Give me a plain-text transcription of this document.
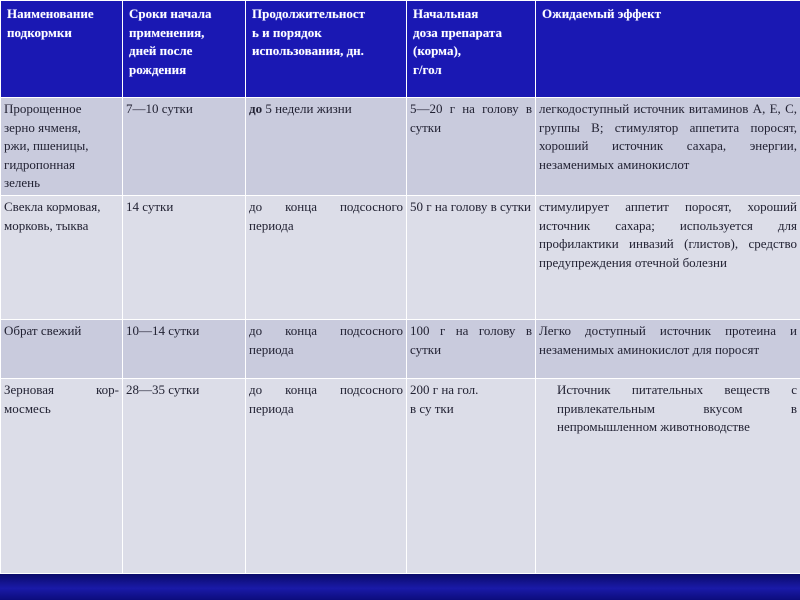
Наименование
подкормки	Сроки начала
применения,
дней после
рождения	Продолжительност
ь и порядок
использования, дн.	Начальная
доза препарата
(корма),
г/гол	Ожидаемый эффект

Пророщенное
зерно ячменя,
ржи, пшеницы,
гидропонная
зелень	7—10 сутки	до 5 недели жизни	5—20 г на голову в сутки	легкодоступный источник витаминов А, Е, С, группы В; стимулятор аппетита поросят, хороший источник сахара, энергии, незаменимых аминокислот

Свекла кормовая, морковь, тыква	14 сутки	до конца подсосного периода	50 г на голову в сутки	стимулирует аппетит поросят, хороший источник сахара; используется для профилактики инвазий (глистов), средство предупреждения отечной болезни

Обрат свежий	10—14 сутки	до конца подсосного периода	100 г на голову в сутки	Легко доступный источник протеина и незаменимых аминокислот для поросят

Зерновая кор-мосмесь	28—35 сутки	до конца подсосного периода	200 г на гол.
в су тки	Источник питательных веществ с привлекательным вкусом в непромышленном животноводстве
